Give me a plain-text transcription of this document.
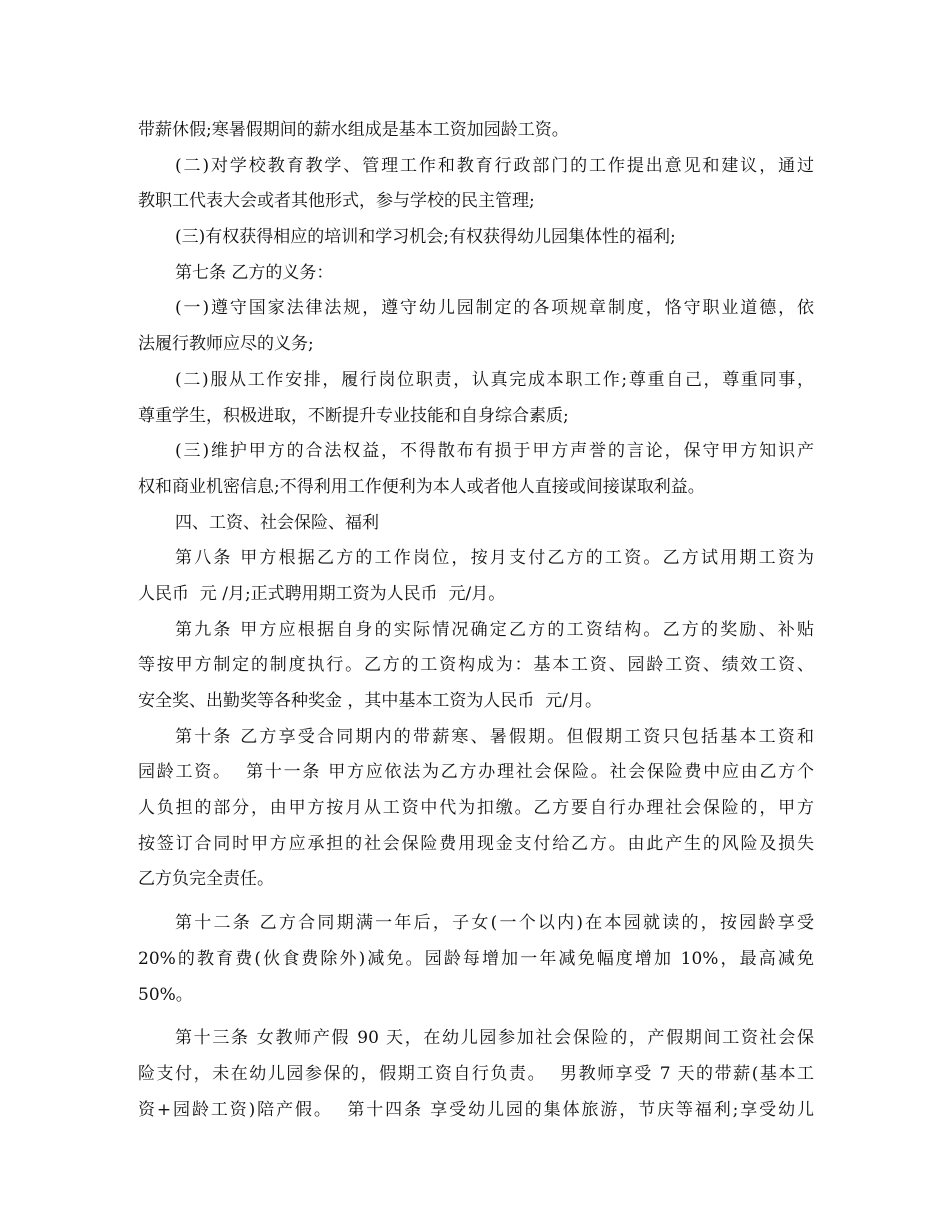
带薪休假;寒暑假期间的薪水组成是基本工资加园龄工资。
(二)对学校教育教学、管理工作和教育行政部门的工作提出意见和建议，通过
教职工代表大会或者其他形式，参与学校的民主管理;
(三)有权获得相应的培训和学习机会;有权获得幼儿园集体性的福利;
第七条 乙方的义务：
(一)遵守国家法律法规，遵守幼儿园制定的各项规章制度，恪守职业道德，依
法履行教师应尽的义务;
(二)服从工作安排，履行岗位职责，认真完成本职工作;尊重自己，尊重同事，
尊重学生，积极进取，不断提升专业技能和自身综合素质;
(三)维护甲方的合法权益，不得散布有损于甲方声誉的言论，保守甲方知识产
权和商业机密信息;不得利用工作便利为本人或者他人直接或间接谋取利益。
四、工资、社会保险、福利
第八条 甲方根据乙方的工作岗位，按月支付乙方的工资。乙方试用期工资为
人民币  元 /月;正式聘用期工资为人民币  元/月。
第九条 甲方应根据自身的实际情况确定乙方的工资结构。乙方的奖励、补贴
等按甲方制定的制度执行。乙方的工资构成为：基本工资、园龄工资、绩效工资、
安全奖、出勤奖等各种奖金 ，其中基本工资为人民币  元/月。
第十条 乙方享受合同期内的带薪寒、暑假期。但假期工资只包括基本工资和
园龄工资。  第十一条 甲方应依法为乙方办理社会保险。社会保险费中应由乙方个
人负担的部分，由甲方按月从工资中代为扣缴。乙方要自行办理社会保险的，甲方
按签订合同时甲方应承担的社会保险费用现金支付给乙方。由此产生的风险及损失
乙方负完全责任。
第十二条 乙方合同期满一年后，子女(一个以内)在本园就读的，按园龄享受
20%的教育费(伙食费除外)减免。园龄每增加一年减免幅度增加 10%，最高减免
50%。
第十三条 女教师产假 90 天，在幼儿园参加社会保险的，产假期间工资社会保
险支付，未在幼儿园参保的，假期工资自行负责。  男教师享受 7 天的带薪(基本工
资+园龄工资)陪产假。  第十四条 享受幼儿园的集体旅游，节庆等福利;享受幼儿
